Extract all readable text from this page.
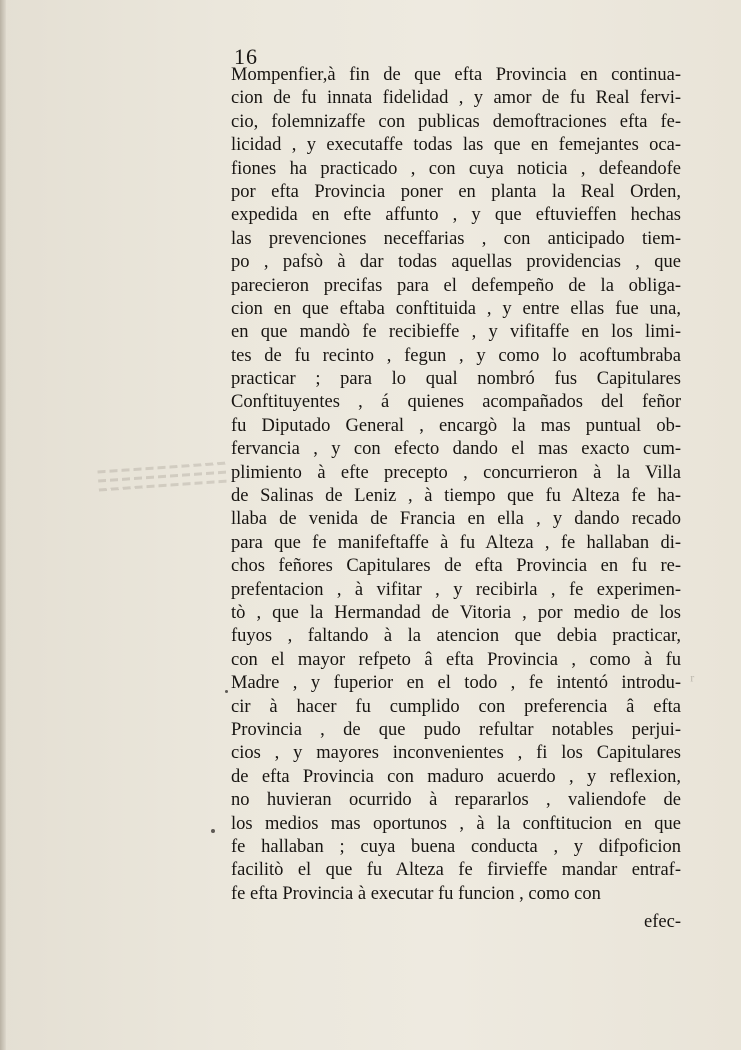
16
Mompenfier,à fin de que efta Provincia en continua-
cion de fu innata fidelidad , y amor de fu Real fervi-
cio, folemnizaffe con publicas demoftraciones efta fe-
licidad , y executaffe todas las que en femejantes oca-
fiones ha practicado , con cuya noticia , defeandofe
por efta Provincia poner en planta la Real Orden,
expedida en efte affunto , y que eftuvieffen hechas
las prevenciones neceffarias , con anticipado tiem-
po , pafsò à dar todas aquellas providencias , que
parecieron precifas para el defempeño de la obliga-
cion en que eftaba conftituida , y entre ellas fue una,
en que mandò fe recibieffe , y vifitaffe en los limi-
tes de fu recinto , fegun , y como lo acoftumbraba
practicar ; para lo qual nombró fus Capitulares
Conftituyentes , á quienes acompañados del feñor
fu Diputado General , encargò la mas puntual ob-
fervancia , y con efecto dando el mas exacto cum-
plimiento à efte precepto , concurrieron à la Villa
de Salinas de Leniz , à tiempo que fu Alteza fe ha-
llaba de venida de Francia en ella , y dando recado
para que fe manifeftaffe à fu Alteza , fe hallaban di-
chos feñores Capitulares de efta Provincia en fu re-
prefentacion , à vifitar , y recibirla , fe experimen-
tò , que la Hermandad de Vitoria , por medio de los
fuyos , faltando à la atencion que debia practicar,
con el mayor refpeto â efta Provincia , como à fu
Madre , y fuperior en el todo , fe intentó introdu-
cir à hacer fu cumplido con preferencia â efta
Provincia , de que pudo refultar notables perjui-
cios , y mayores inconvenientes , fi los Capitulares
de efta Provincia con maduro acuerdo , y reflexion,
no huvieran ocurrido à repararlos , valiendofe de
los medios mas oportunos , à la conftitucion en que
fe hallaban ; cuya buena conducta , y difpoficion
facilitò el que fu Alteza fe firvieffe mandar entraf-
fe efta Provincia à executar fu funcion , como con
efec-
ʳ
